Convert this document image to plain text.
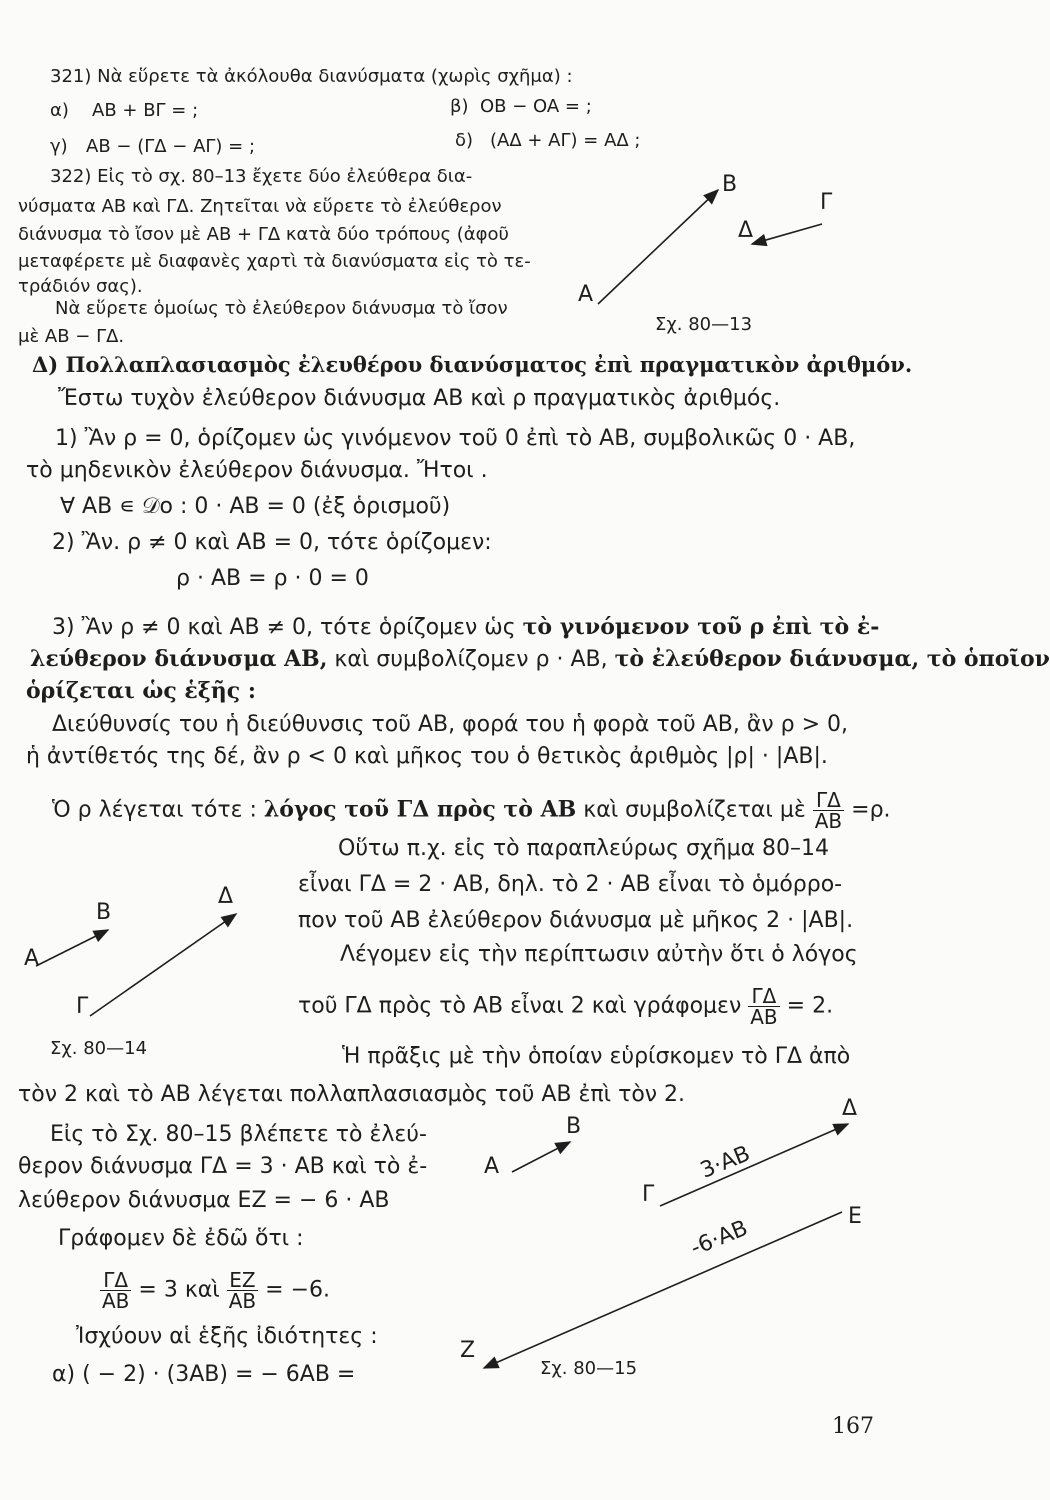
321) Νὰ εὕρετε τὰ ἀκόλουθα διανύσματα (χωρὶς σχῆμα) :
α) AB + BΓ = ;	β) OB − OA = ;
γ) AB − (ΓΔ − AΓ) = ;	δ) (AΔ + AΓ) = AΔ ;
322) Εἰς τὸ σχ. 80–13 ἔχετε δύο ἐλεύθερα δια-
νύσματα AB καὶ ΓΔ. Ζητεῖται νὰ εὕρετε τὸ ἐλεύθερον
διάνυσμα τὸ ἴσον μὲ AB + ΓΔ κατὰ δύο τρόπους (ἀφοῦ
μεταφέρετε μὲ διαφανὲς χαρτὶ τὰ διανύσματα εἰς τὸ τε-
τράδιόν σας).
Νὰ εὕρετε ὁμοίως τὸ ἐλεύθερον διάνυσμα τὸ ἴσον
μὲ AB − ΓΔ.
A
B
Γ
Δ
Σχ. 80—13
Δ) Πολλαπλασιασμὸς ἐλευθέρου διανύσματος ἐπὶ πραγματικὸν ἀριθμόν.
Ἔστω τυχὸν ἐλεύθερον διάνυσμα AB καὶ ρ πραγματικὸς ἀριθμός.
1) Ἂν ρ = 0, ὁρίζομεν ὡς γινόμενον τοῦ 0 ἐπὶ τὸ AB, συμβολικῶς 0 · AB,
τὸ μηδενικὸν ἐλεύθερον διάνυσμα. Ἤτοι .
∀ AB ∊ 𝒟o : 0 · AB = 0 (ἐξ ὁρισμοῦ)
2) Ἂν. ρ ≠ 0 καὶ AB = 0, τότε ὁρίζομεν:
ρ · AB = ρ · 0 = 0
3) Ἂν ρ ≠ 0 καὶ AB ≠ 0, τότε ὁρίζομεν ὡς τὸ γινόμενον τοῦ ρ ἐπὶ τὸ ἐ-
λεύθερον διάνυσμα AB, καὶ συμβολίζομεν ρ · AB, τὸ ἐλεύθερον διάνυσμα, τὸ ὁποῖον
ὁρίζεται ὡς ἑξῆς :
Διεύθυνσίς του ἡ διεύθυνσις τοῦ AB, φορά του ἡ φορὰ τοῦ AB, ἂν ρ > 0,
ἡ ἀντίθετός της δέ, ἂν ρ < 0 καὶ μῆκος του ὁ θετικὸς ἀριθμὸς |ρ| · |AB|.
Ὁ ρ λέγεται τότε : λόγος τοῦ ΓΔ πρὸς τὸ AB καὶ συμβολίζεται μὲ $\frac{\Gamma\Delta}{AB} =\rho$.
Οὕτω π.χ. εἰς τὸ παραπλεύρως σχῆμα 80–14
εἶναι ΓΔ = 2 · AB, δηλ. τὸ 2 · AB εἶναι τὸ ὁμόρρο-
πον τοῦ AB ἐλεύθερον διάνυσμα μὲ μῆκος 2 · |AB|.
Λέγομεν εἰς τὴν περίπτωσιν αὐτὴν ὅτι ὁ λόγος
τοῦ ΓΔ πρὸς τὸ AB εἶναι 2 καὶ γράφομεν $\frac{\Gamma\Delta}{AB} = 2$.
A
B
Γ
Δ
Σχ. 80—14	Ἡ πρᾶξις μὲ τὴν ὁποίαν εὑρίσκομεν τὸ ΓΔ ἀπὸ
τὸν 2 καὶ τὸ AB λέγεται πολλαπλασιασμὸς τοῦ AB ἐπὶ τὸν 2.
Εἰς τὸ Σχ. 80–15 βλέπετε τὸ ἐλεύ-
θερον διάνυσμα ΓΔ = 3 · AB καὶ τὸ ἐ-
λεύθερον διάνυσμα EZ = − 6 · AB
Γράφομεν δὲ ἐδῶ ὅτι :
$\frac{\Gamma\Delta}{AB} = 3$ καὶ $\frac{EZ}{AB} = -6$.
Ἰσχύουν αἱ ἑξῆς ἰδιότητες :
α) ( − 2) · (3AB) = − 6AB =
A
B
Γ
Δ
E
Z
3·AB
-6·AB
Σχ. 80—15
167
